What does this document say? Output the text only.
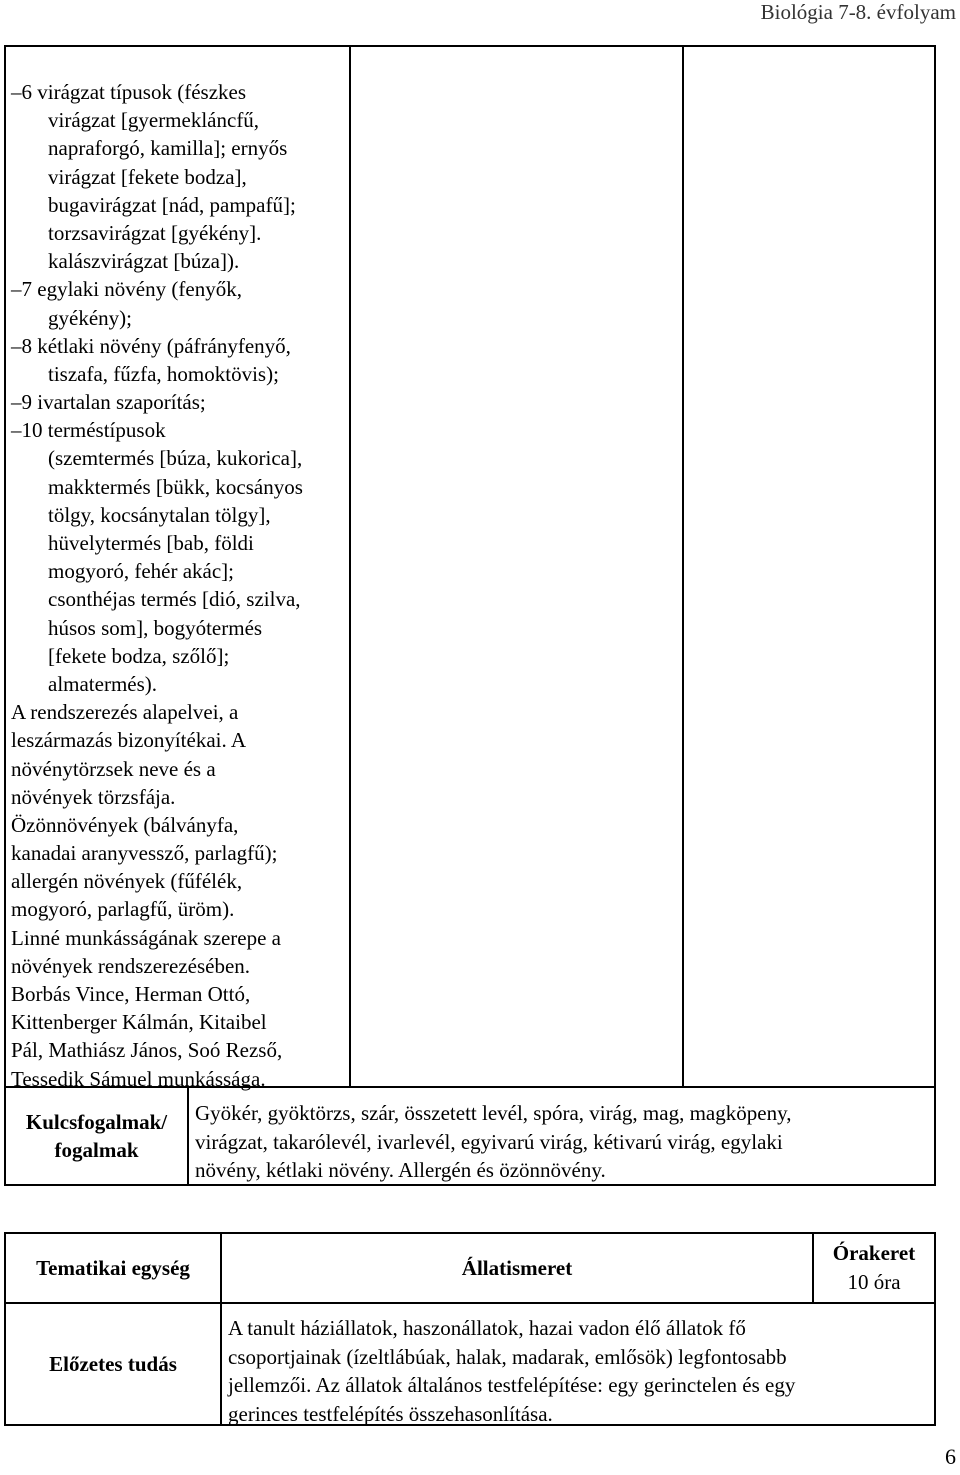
Biológia 7-8. évfolyam
–6 virágzat típusok (fészkes
virágzat [gyermekláncfű,
napraforgó, kamilla]; ernyős
virágzat [fekete bodza],
bugavirágzat [nád, pampafű];
torzsavirágzat [gyékény].
kalászvirágzat [búza]).
–7 egylaki növény (fenyők,
gyékény);
–8 kétlaki növény (páfrányfenyő,
tiszafa, fűzfa, homoktövis);
–9 ivartalan szaporítás;
–10 terméstípusok
(szemtermés [búza, kukorica],
makktermés [bükk, kocsányos
tölgy, kocsánytalan tölgy],
hüvelytermés [bab, földi
mogyoró, fehér akác];
csonthéjas termés [dió, szilva,
húsos som], bogyótermés
[fekete bodza, szőlő];
almatermés).
A rendszerezés alapelvei, a
leszármazás bizonyítékai. A
növénytörzsek neve és a
növények törzsfája.
Özönnövények (bálványfa,
kanadai aranyvessző, parlagfű);
allergén növények (fűfélék,
mogyoró, parlagfű, üröm).
Linné munkásságának szerepe a
növények rendszerezésében.
Borbás Vince, Herman Ottó,
Kittenberger Kálmán, Kitaibel
Pál, Mathiász János, Soó Rezső,
Tessedik Sámuel munkássága.
Kulcsfogalmak/
fogalmak
Gyökér, gyöktörzs, szár, összetett levél, spóra, virág, mag, magköpeny,
virágzat, takarólevél, ivarlevél, egyivarú virág, kétivarú virág, egylaki
növény, kétlaki növény. Allergén és özönnövény.
Tematikai egység	Állatismeret
Órakeret
10 óra
Előzetes tudás
A tanult háziállatok, haszonállatok, hazai vadon élő állatok fő
csoportjainak (ízeltlábúak, halak, madarak, emlősök) legfontosabb
jellemzői. Az állatok általános testfelépítése: egy gerinctelen és egy
gerinces testfelépítés összehasonlítása.
6
